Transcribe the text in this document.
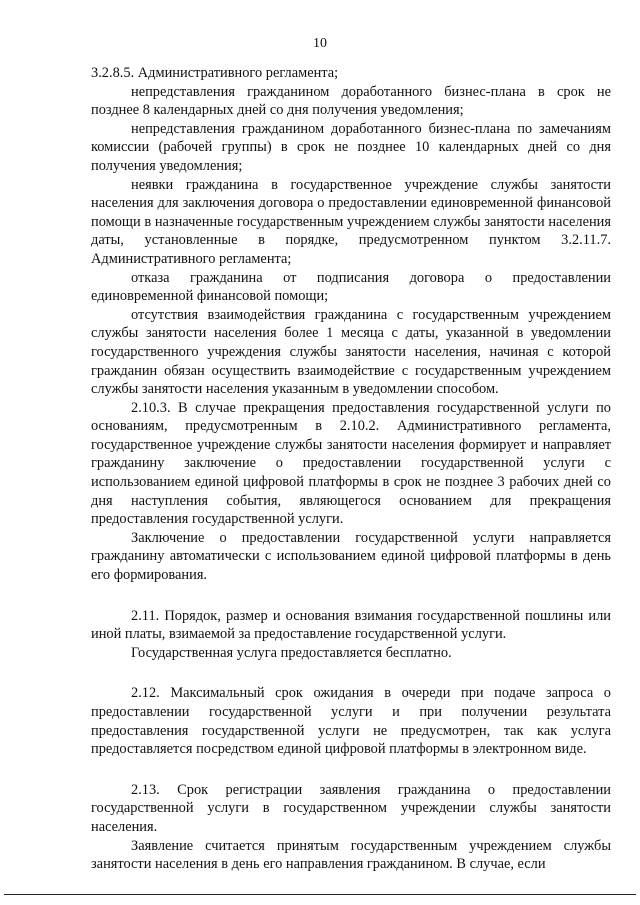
10

3.2.8.5. Административного регламента;

непредставления гражданином доработанного бизнес-плана в срок не позднее 8 календарных дней со дня получения уведомления;

непредставления гражданином доработанного бизнес-плана по замечаниям комиссии (рабочей группы) в срок не позднее 10 календарных дней со дня получения уведомления;

неявки гражданина в государственное учреждение службы занятости населения для заключения договора о предоставлении единовременной финансовой помощи в назначенные государственным учреждением службы занятости населения даты, установленные в порядке, предусмотренном пунктом 3.2.11.7. Административного регламента;

отказа гражданина от подписания договора о предоставлении единовременной финансовой помощи;

отсутствия взаимодействия гражданина с государственным учреждением службы занятости населения более 1 месяца с даты, указанной в уведомлении государственного учреждения службы занятости населения, начиная с которой гражданин обязан осуществить взаимодействие с государственным учреждением службы занятости населения указанным в уведомлении способом.

2.10.3. В случае прекращения предоставления государственной услуги по основаниям, предусмотренным в 2.10.2. Административного регламента, государственное учреждение службы занятости населения формирует и направляет гражданину заключение о предоставлении государственной услуги с использованием единой цифровой платформы в срок не позднее 3 рабочих дней со дня наступления события, являющегося основанием для прекращения предоставления государственной услуги.

Заключение о предоставлении государственной услуги направляется гражданину автоматически с использованием единой цифровой платформы в день его формирования.

2.11. Порядок, размер и основания взимания государственной пошлины или иной платы, взимаемой за предоставление государственной услуги.

Государственная услуга предоставляется бесплатно.

2.12. Максимальный срок ожидания в очереди при подаче запроса о предоставлении государственной услуги и при получении результата предоставления государственной услуги не предусмотрен, так как услуга предоставляется посредством единой цифровой платформы в электронном виде.

2.13. Срок регистрации заявления гражданина о предоставлении государственной услуги в государственном учреждении службы занятости населения.

Заявление считается принятым государственным учреждением службы занятости населения в день его направления гражданином. В случае, если
